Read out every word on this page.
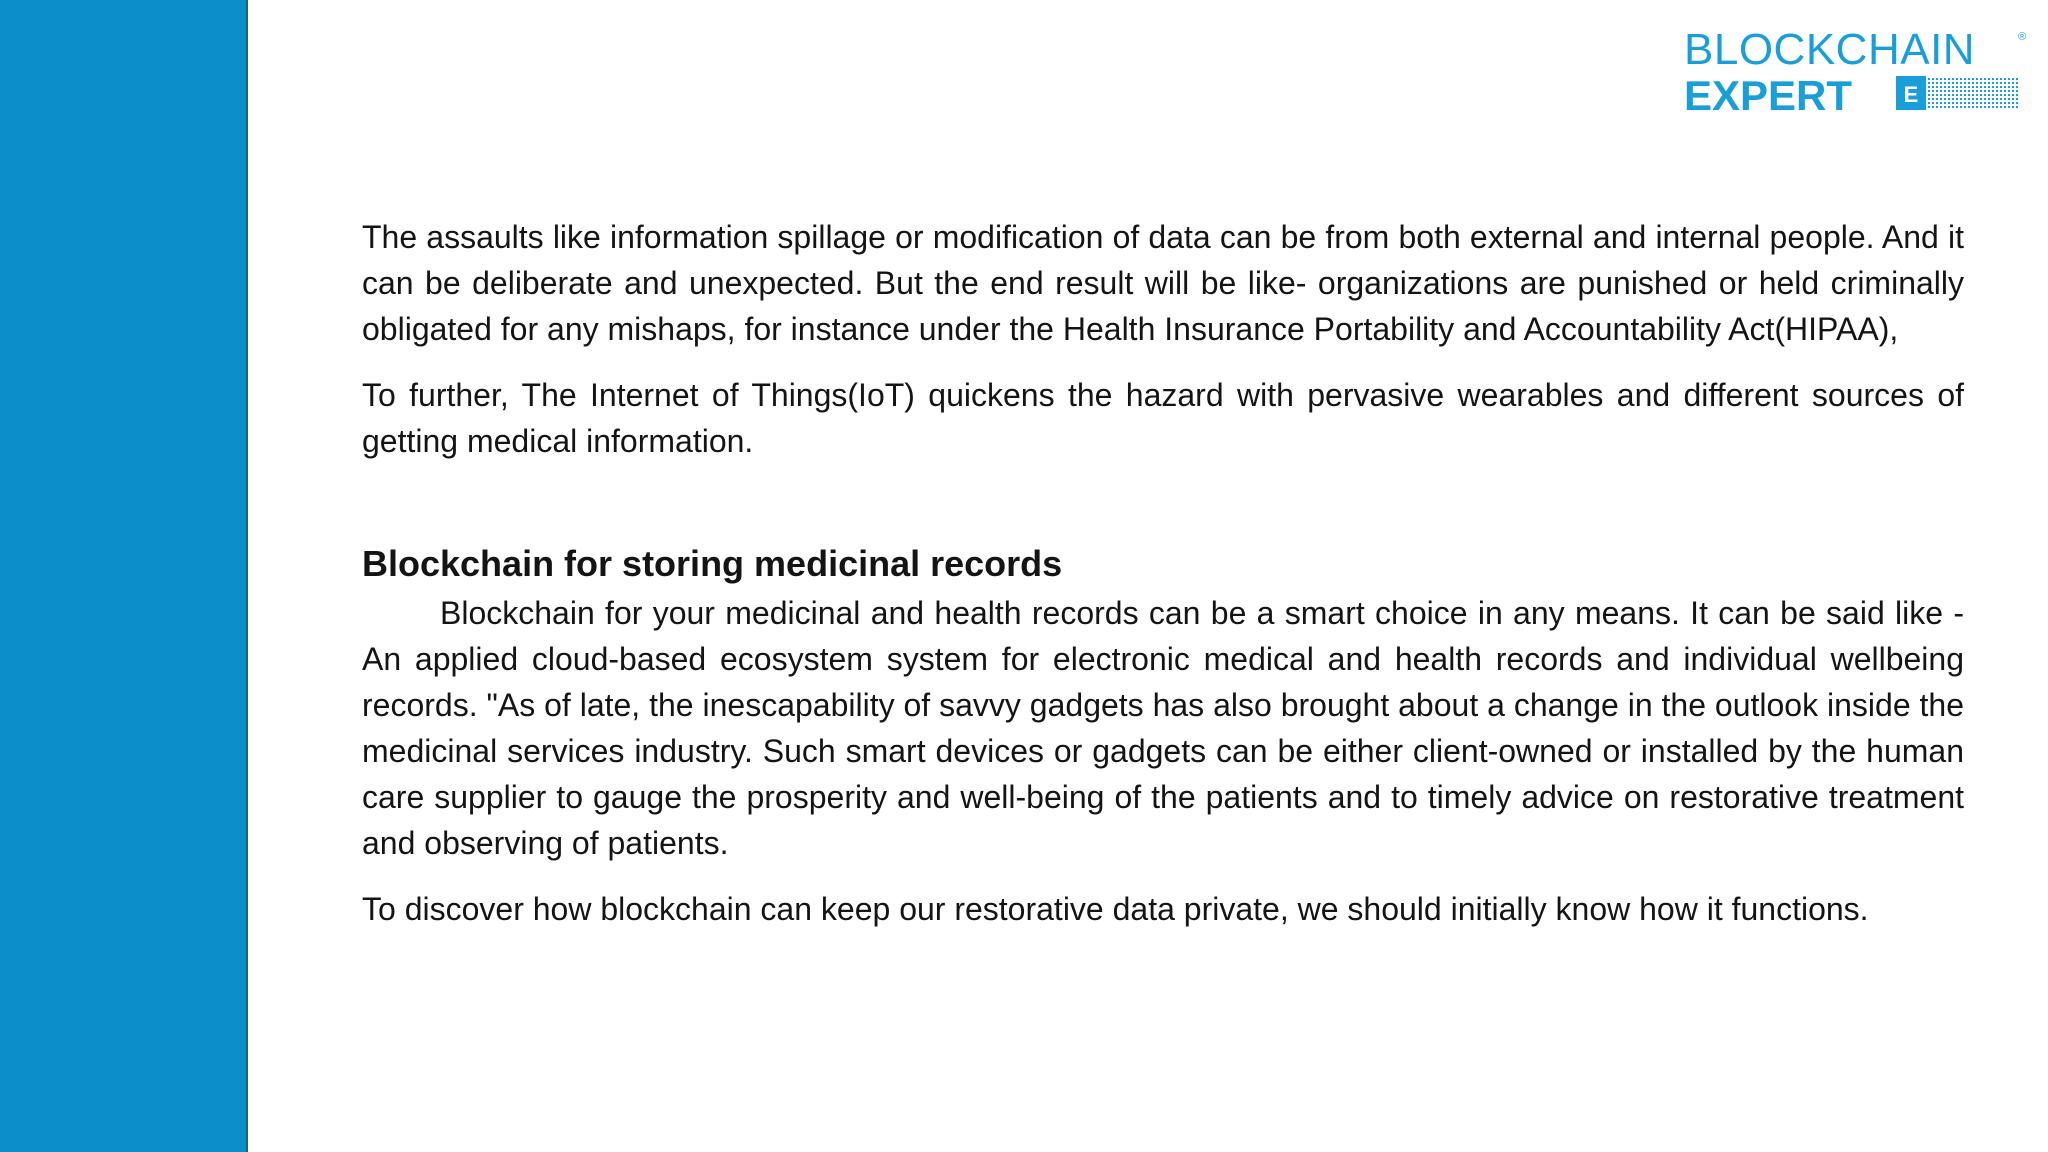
BLOCKCHAIN	®
EXPERT E

The assaults like information spillage or modification of data can be from both external and internal people. And it can be deliberate and unexpected. But the end result will be like- organizations are punished or held criminally obligated for any mishaps, for instance under the Health Insurance Portability and Accountability Act(HIPAA),

To further, The Internet of Things(IoT) quickens the hazard with pervasive wearables and different sources of getting medical information.

Blockchain for storing medicinal records

Blockchain for your medicinal and health records can be a smart choice in any means. It can be said like -An applied cloud-based ecosystem system for electronic medical and health records and individual wellbeing records. "As of late, the inescapability of savvy gadgets has also brought about a change in the outlook inside the medicinal services industry. Such smart devices or gadgets can be either client-owned or installed by the human care supplier to gauge the prosperity and well-being of the patients and to timely advice on restorative treatment and observing of patients.

To discover how blockchain can keep our restorative data private, we should initially know how it functions.
